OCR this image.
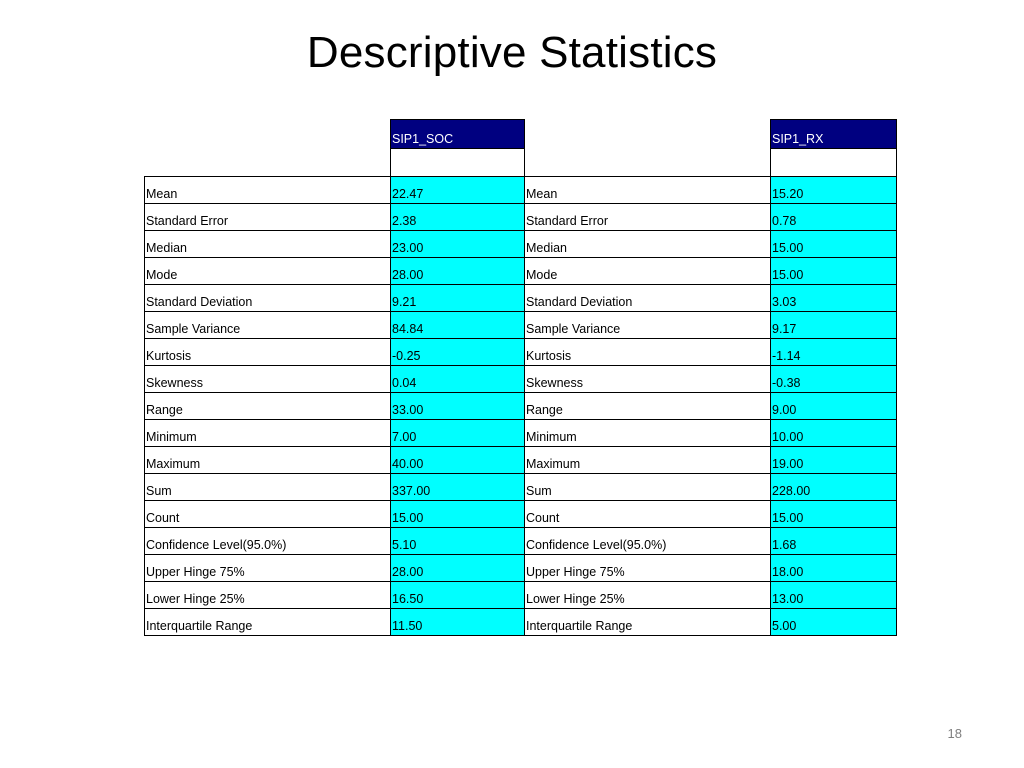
Descriptive Statistics
	SIP1_SOC		SIP1_RX

Mean	22.47	Mean	15.20
Standard Error	2.38	Standard Error	0.78
Median	23.00	Median	15.00
Mode	28.00	Mode	15.00
Standard Deviation	9.21	Standard Deviation	3.03
Sample Variance	84.84	Sample Variance	9.17
Kurtosis	-0.25	Kurtosis	-1.14
Skewness	0.04	Skewness	-0.38
Range	33.00	Range	9.00
Minimum	7.00	Minimum	10.00
Maximum	40.00	Maximum	19.00
Sum	337.00	Sum	228.00
Count	15.00	Count	15.00
Confidence Level(95.0%)	5.10	Confidence Level(95.0%)	1.68
Upper Hinge 75%	28.00	Upper Hinge 75%	18.00
Lower Hinge 25%	16.50	Lower Hinge 25%	13.00
Interquartile Range	11.50	Interquartile Range	5.00
18
